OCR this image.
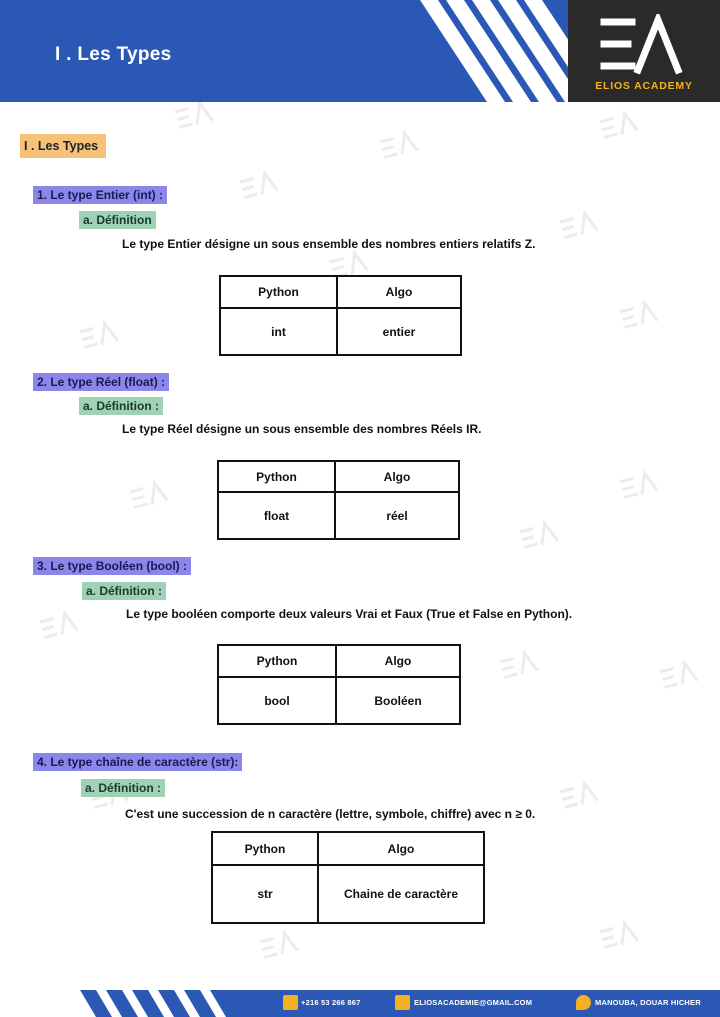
I . Les Types
ELIOS ACADEMY
I . Les Types
1. Le type Entier (int) :
a. Définition
Le type Entier désigne un sous ensemble des nombres entiers relatifs Z.
Python	Algo
int	entier
2. Le type Réel (float) :
a. Définition :
Le type Réel désigne un sous ensemble des nombres Réels IR.
Python	Algo
float	réel
3. Le type Booléen (bool) :
a. Définition :
Le type booléen comporte deux valeurs Vrai et Faux (True et False en Python).
Python	Algo
bool	Booléen
4. Le type chaîne de caractère (str):
a. Définition :
C'est une succession de n caractère (lettre, symbole, chiffre) avec n ≥ 0.
Python	Algo
str	Chaine de caractère
+216 53 266 867	ELIOSACADEMIE@GMAIL.COM	MANOUBA, DOUAR HICHER
